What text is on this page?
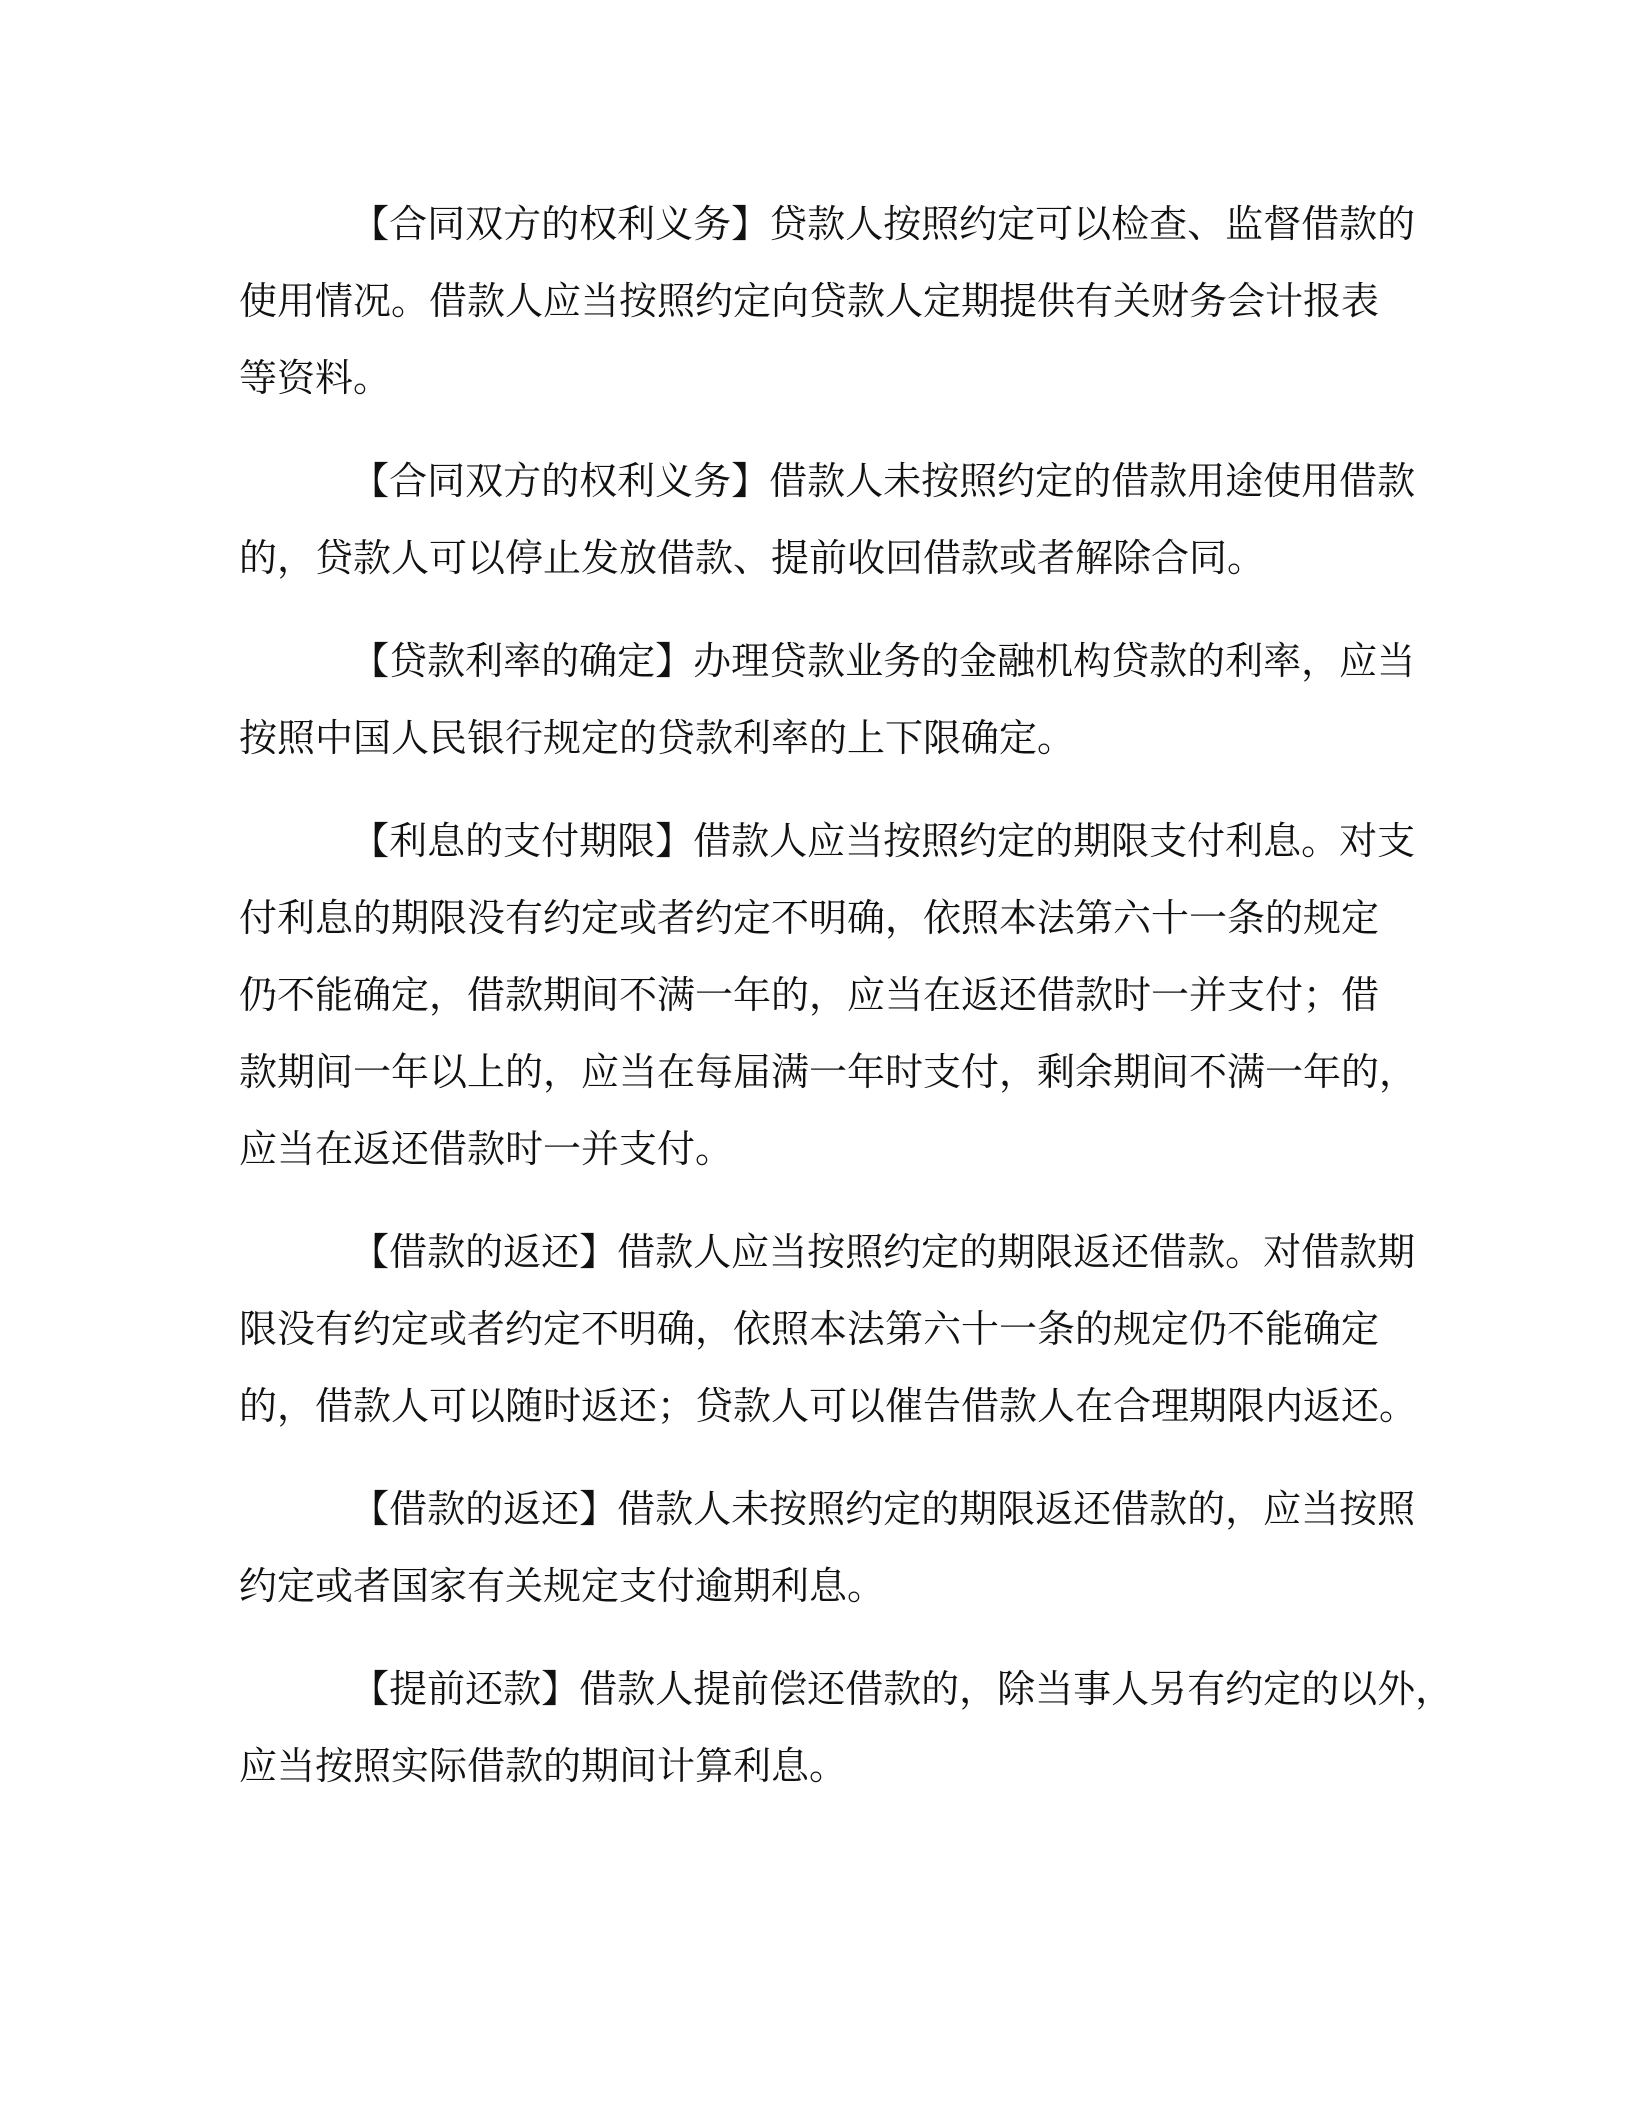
【合同双方的权利义务】贷款人按照约定可以检查、监督借款的
使用情况。借款人应当按照约定向贷款人定期提供有关财务会计报表
等资料。
【合同双方的权利义务】借款人未按照约定的借款用途使用借款
的，贷款人可以停止发放借款、提前收回借款或者解除合同。
【贷款利率的确定】办理贷款业务的金融机构贷款的利率，应当
按照中国人民银行规定的贷款利率的上下限确定。
【利息的支付期限】借款人应当按照约定的期限支付利息。对支
付利息的期限没有约定或者约定不明确，依照本法第六十一条的规定
仍不能确定，借款期间不满一年的，应当在返还借款时一并支付；借
款期间一年以上的，应当在每届满一年时支付，剩余期间不满一年的，
应当在返还借款时一并支付。
【借款的返还】借款人应当按照约定的期限返还借款。对借款期
限没有约定或者约定不明确，依照本法第六十一条的规定仍不能确定
的，借款人可以随时返还；贷款人可以催告借款人在合理期限内返还。
【借款的返还】借款人未按照约定的期限返还借款的，应当按照
约定或者国家有关规定支付逾期利息。
【提前还款】借款人提前偿还借款的，除当事人另有约定的以外，
应当按照实际借款的期间计算利息。
